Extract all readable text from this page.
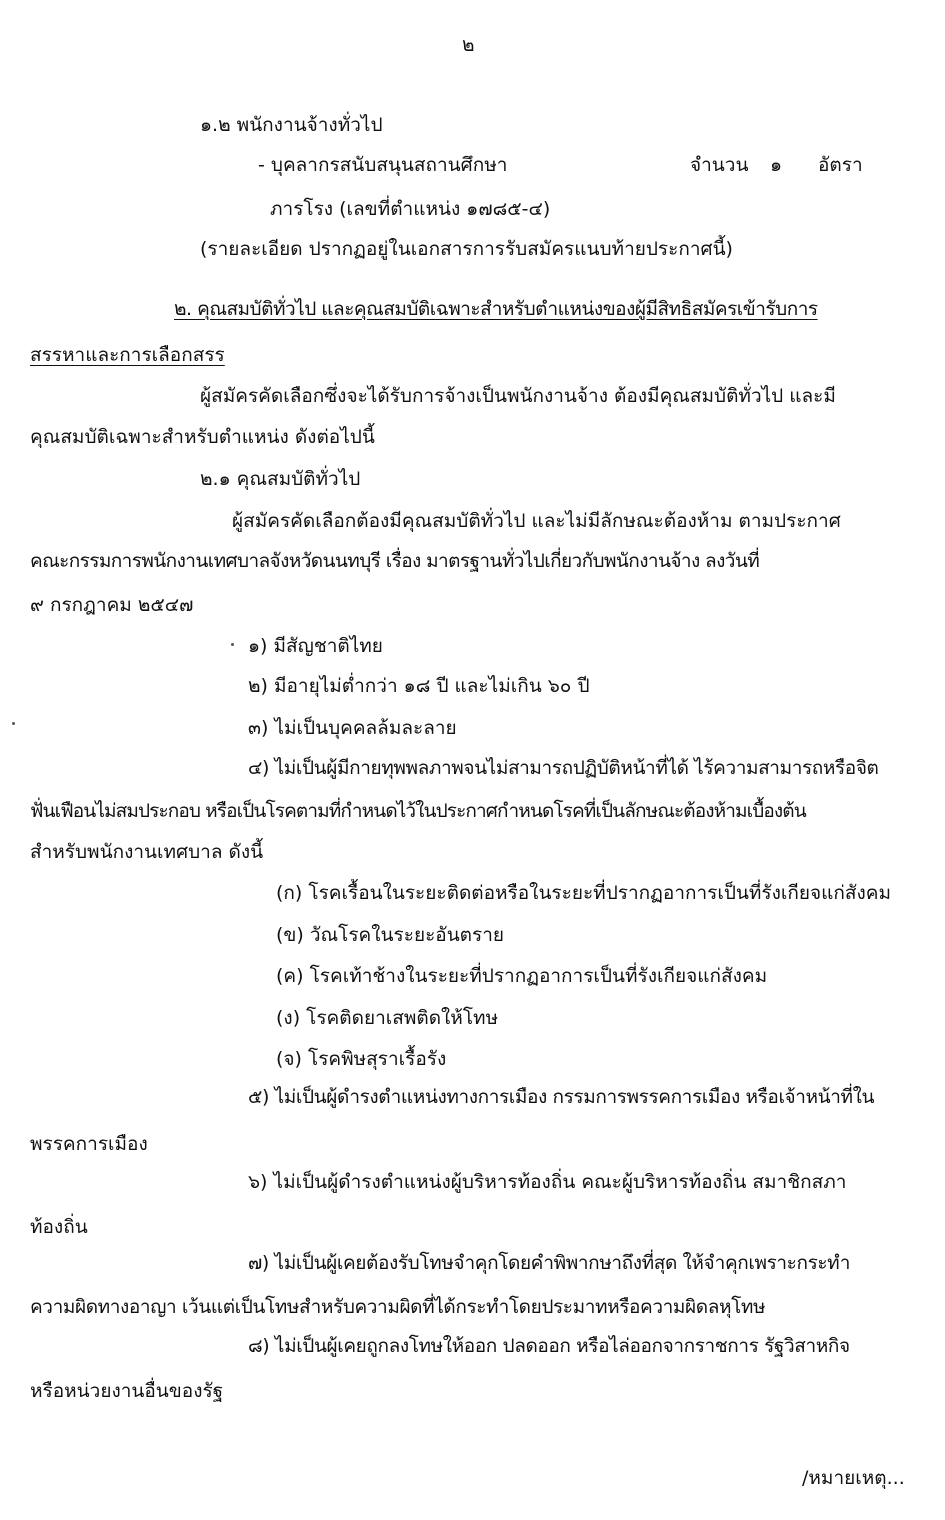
๒
๑.๒ พนักงานจ้างทั่วไป
- บุคลากรสนับสนุนสถานศึกษา	จำนวน ๑ อัตรา
ภารโรง (เลขที่ตำแหน่ง ๑๗๘๕-๔)
(รายละเอียด ปรากฏอยู่ในเอกสารการรับสมัครแนบท้ายประกาศนี้)
๒. คุณสมบัติทั่วไป และคุณสมบัติเฉพาะสำหรับตำแหน่งของผู้มีสิทธิสมัครเข้ารับการ
สรรหาและการเลือกสรร
ผู้สมัครคัดเลือกซึ่งจะได้รับการจ้างเป็นพนักงานจ้าง ต้องมีคุณสมบัติทั่วไป และมี
คุณสมบัติเฉพาะสำหรับตำแหน่ง ดังต่อไปนี้
๒.๑ คุณสมบัติทั่วไป
ผู้สมัครคัดเลือกต้องมีคุณสมบัติทั่วไป และไม่มีลักษณะต้องห้าม ตามประกาศ
คณะกรรมการพนักงานเทศบาลจังหวัดนนทบุรี เรื่อง มาตรฐานทั่วไปเกี่ยวกับพนักงานจ้าง ลงวันที่
๙ กรกฎาคม ๒๕๔๗
๑) มีสัญชาติไทย
๒) มีอายุไม่ต่ำกว่า ๑๘ ปี และไม่เกิน ๖๐ ปี
๓) ไม่เป็นบุคคลล้มละลาย
๔) ไม่เป็นผู้มีกายทุพพลภาพจนไม่สามารถปฏิบัติหน้าที่ได้ ไร้ความสามารถหรือจิต
ฟั่นเฟือนไม่สมประกอบ หรือเป็นโรคตามที่กำหนดไว้ในประกาศกำหนดโรคที่เป็นลักษณะต้องห้ามเบื้องต้น
สำหรับพนักงานเทศบาล ดังนี้
(ก) โรคเรื้อนในระยะติดต่อหรือในระยะที่ปรากฏอาการเป็นที่รังเกียจแก่สังคม
(ข) วัณโรคในระยะอันตราย
(ค) โรคเท้าช้างในระยะที่ปรากฏอาการเป็นที่รังเกียจแก่สังคม
(ง) โรคติดยาเสพติดให้โทษ
(จ) โรคพิษสุราเรื้อรัง
๕) ไม่เป็นผู้ดำรงตำแหน่งทางการเมือง กรรมการพรรคการเมือง หรือเจ้าหน้าที่ใน
พรรคการเมือง
๖) ไม่เป็นผู้ดำรงตำแหน่งผู้บริหารท้องถิ่น คณะผู้บริหารท้องถิ่น สมาชิกสภา
ท้องถิ่น
๗) ไม่เป็นผู้เคยต้องรับโทษจำคุกโดยคำพิพากษาถึงที่สุด ให้จำคุกเพราะกระทำ
ความผิดทางอาญา เว้นแต่เป็นโทษสำหรับความผิดที่ได้กระทำโดยประมาทหรือความผิดลหุโทษ
๘) ไม่เป็นผู้เคยถูกลงโทษให้ออก ปลดออก หรือไล่ออกจากราชการ รัฐวิสาหกิจ
หรือหน่วยงานอื่นของรัฐ
/หมายเหตุ...
